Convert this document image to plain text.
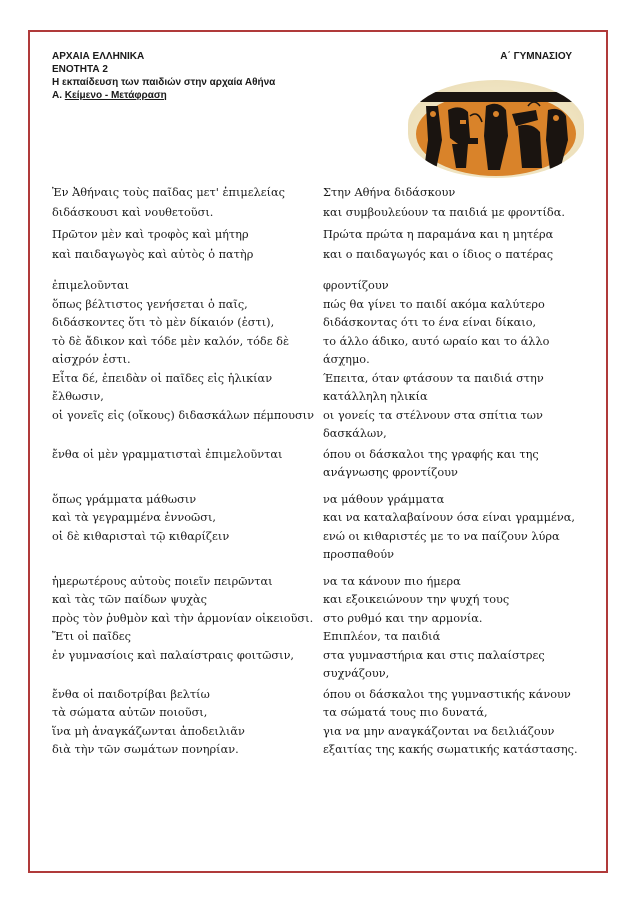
ΑΡΧΑΙΑ ΕΛΛΗΝΙΚΑ
ΕΝΟΤΗΤΑ 2
Η εκπαίδευση των παιδιών στην αρχαία Αθήνα
Α. Κείμενο - Μετάφραση
Α΄ ΓΥΜΝΑΣΙΟΥ
Ἐν Ἀθήναις τοὺς παῖδας μετ' ἐπιμελείας
διδάσκουσι καὶ νουθετοῦσι.
Στην Αθήνα διδάσκουν
και συμβουλεύουν τα παιδιά με φροντίδα.
Πρῶτον μὲν καὶ τροφὸς καὶ μήτηρ
καὶ παιδαγωγὸς καὶ αὐτὸς ὁ πατὴρ
Πρώτα πρώτα η παραμάνα και η μητέρα
και ο παιδαγωγός και ο ίδιος ο πατέρας
ἐπιμελοῦνται
ὅπως βέλτιστος γενήσεται ὁ παῖς,
διδάσκοντες ὅτι τὸ μὲν δίκαιόν (ἐστι),
τὸ δὲ ἄδικον καὶ τόδε μὲν καλόν, τόδε δὲ
αἰσχρόν ἐστι.
Εἶτα δέ, ἐπειδὰν οἱ παῖδες εἰς ἡλικίαν
ἔλθωσιν,
οἱ γονεῖς εἰς (οἴκους) διδασκάλων πέμπουσιν
φροντίζουν
πώς θα γίνει το παιδί ακόμα καλύτερο
διδάσκοντας ότι το ένα είναι δίκαιο,
το άλλο άδικο, αυτό ωραίο και το άλλο
άσχημο.
Έπειτα, όταν φτάσουν τα παιδιά στην
κατάλληλη ηλικία
οι γονείς τα στέλνουν στα σπίτια των
δασκάλων,
ἔνθα οἱ μὲν γραμματισταὶ ἐπιμελοῦνται	όπου οι δάσκαλοι της γραφής και της
ανάγνωσης φροντίζουν
ὅπως γράμματα μάθωσιν
καὶ τὰ γεγραμμένα ἐννοῶσι,
οἱ δὲ κιθαρισταὶ τῷ κιθαρίζειν
να μάθουν γράμματα
και να καταλαβαίνουν όσα είναι γραμμένα,
ενώ οι κιθαριστές με το να παίζουν λύρα
προσπαθούν
ἡμερωτέρους αὐτοὺς ποιεῖν πειρῶνται
καὶ τὰς τῶν παίδων ψυχὰς
πρὸς τὸν ῥυθμὸν καὶ τὴν ἁρμονίαν οἰκειοῦσι.
Ἔτι οἱ παῖδες
ἐν γυμνασίοις καὶ παλαίστραις φοιτῶσιν,
να τα κάνουν πιο ήμερα
και εξοικειώνουν την ψυχή τους
στο ρυθμό και την αρμονία.
Επιπλέον, τα παιδιά
στα γυμναστήρια και στις παλαίστρες
συχνάζουν,
ἔνθα οἱ παιδοτρίβαι βελτίω
τὰ σώματα αὐτῶν ποιοῦσι,
ἵνα μὴ ἀναγκάζωνται ἀποδειλιᾶν
διὰ τὴν τῶν σωμάτων πονηρίαν.
όπου οι δάσκαλοι της γυμναστικής κάνουν
τα σώματά τους πιο δυνατά,
για να μην αναγκάζονται να δειλιάζουν
εξαιτίας της κακής σωματικής κατάστασης.
